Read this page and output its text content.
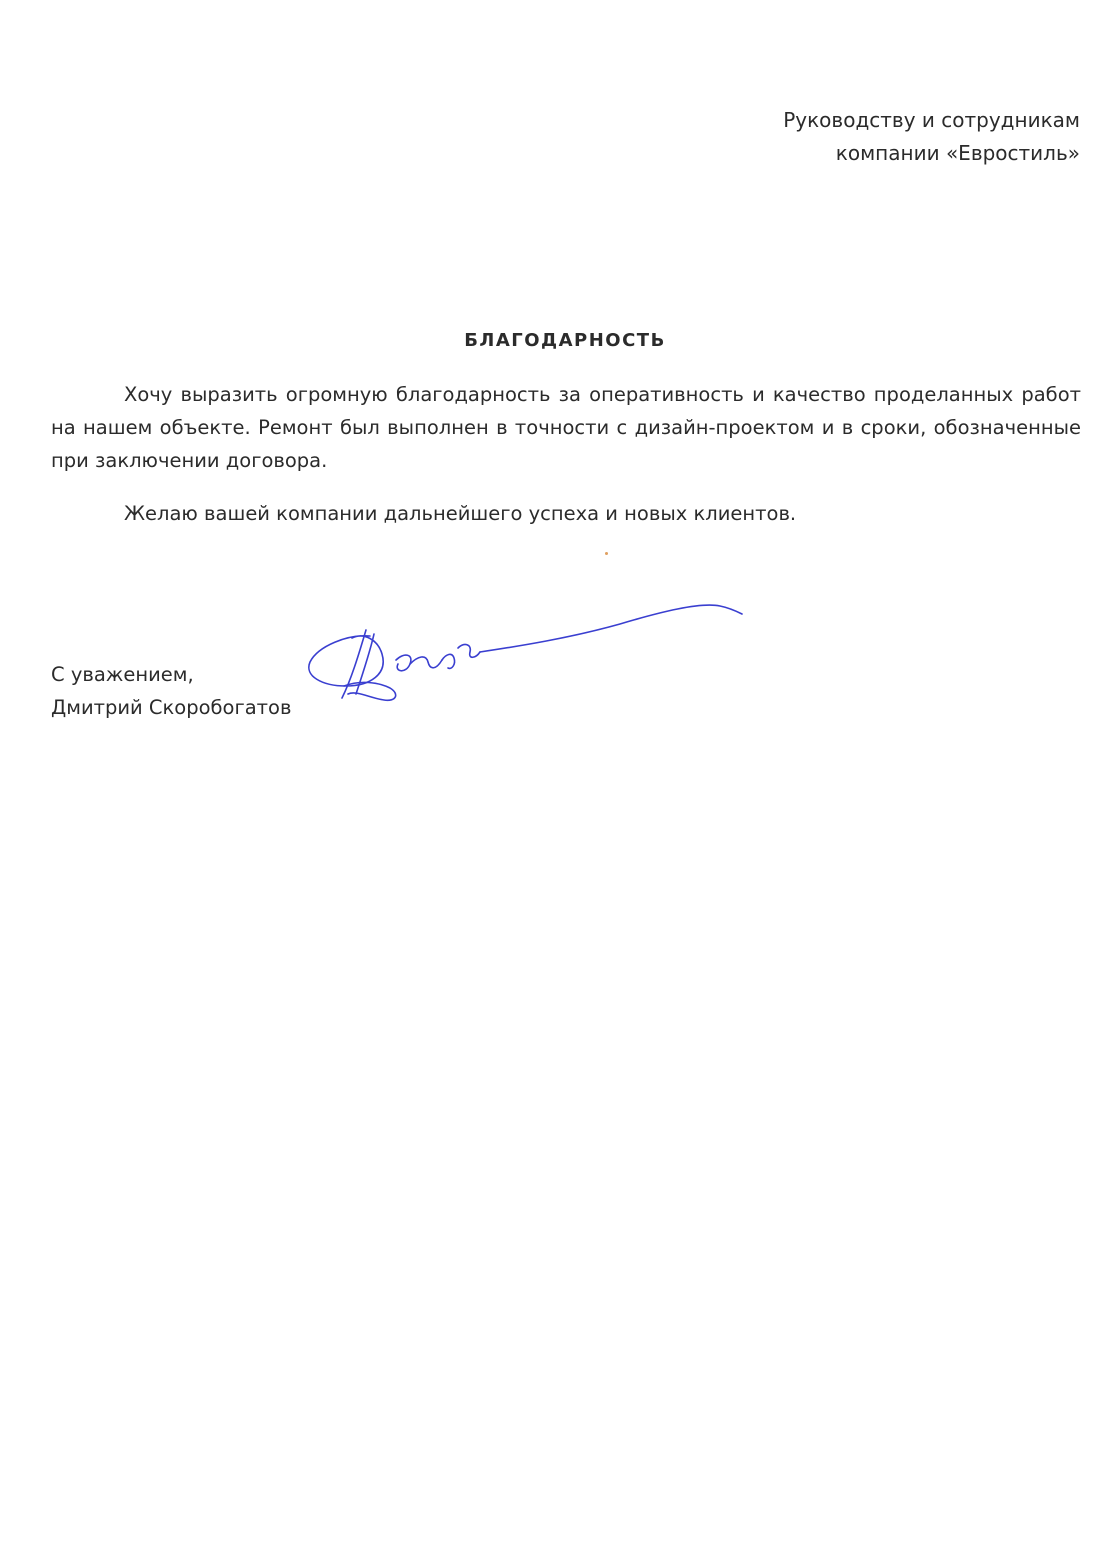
Руководству и сотрудникам
компании «Евростиль»
БЛАГОДАРНОСТЬ

Хочу выразить огромную благодарность за оперативность и качество проделанных работ на нашем объекте. Ремонт был выполнен в точности с дизайн-проектом и в сроки, обозначенные при заключении договора.

Желаю вашей компании дальнейшего успеха и новых клиентов.

С уважением,
Дмитрий Скоробогатов
